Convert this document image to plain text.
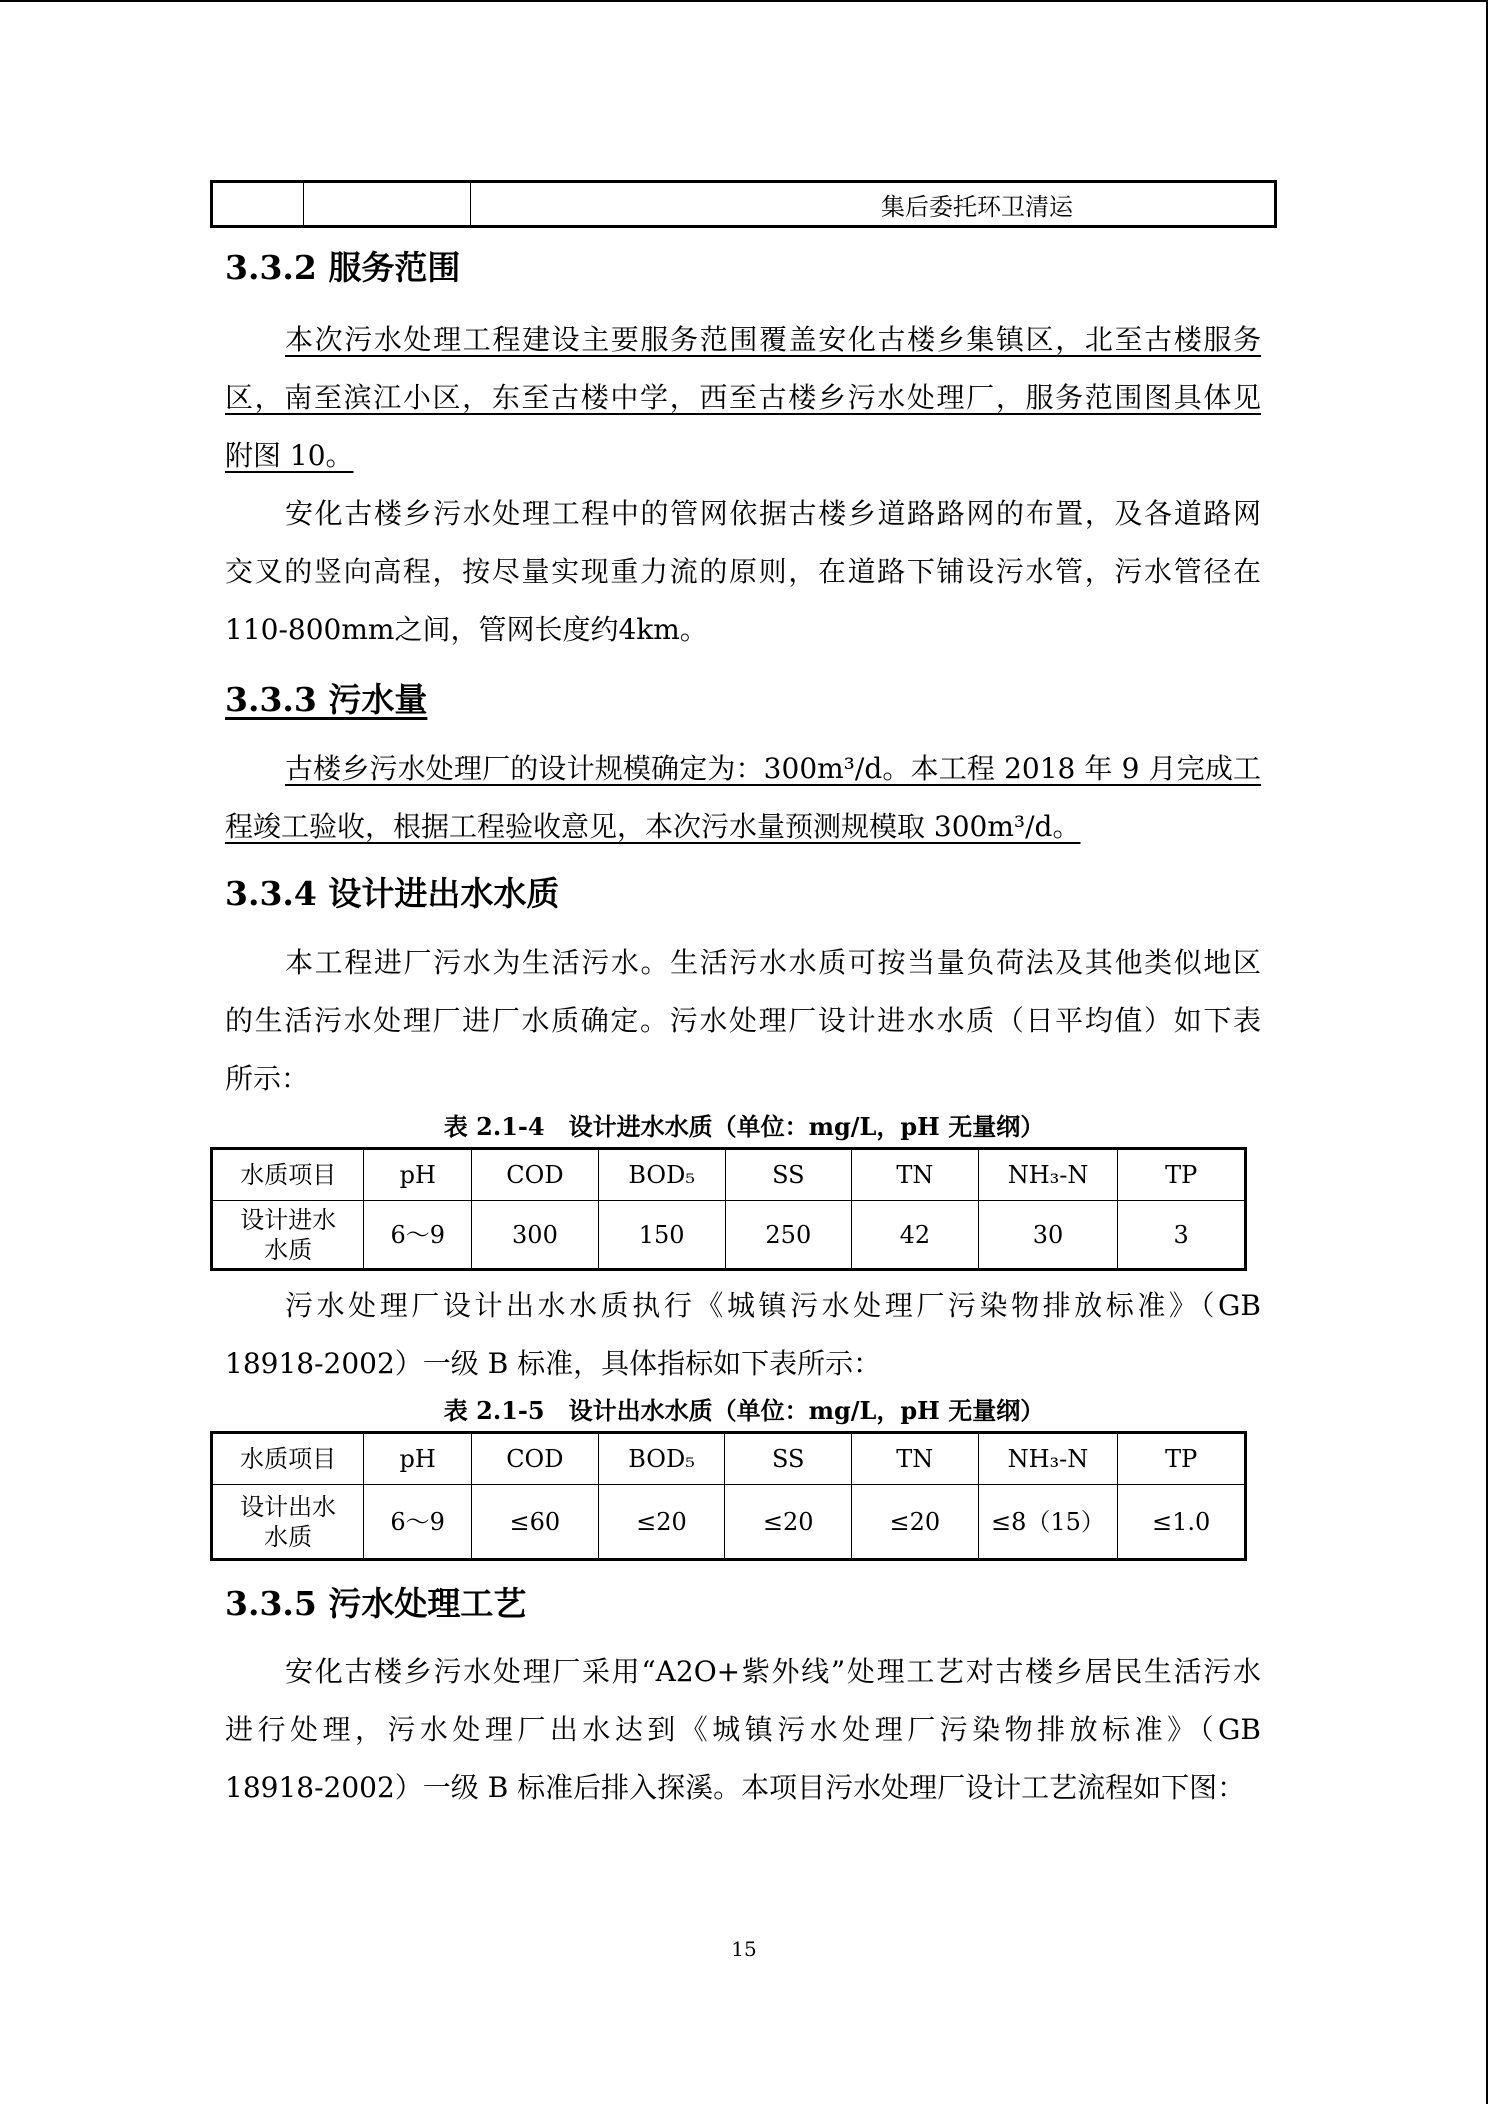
集后委托环卫清运
3.3.2 服务范围
本次污水处理工程建设主要服务范围覆盖安化古楼乡集镇区，北至古楼服务
区，南至滨江小区，东至古楼中学，西至古楼乡污水处理厂，服务范围图具体见
附图 10。
安化古楼乡污水处理工程中的管网依据古楼乡道路路网的布置，及各道路网
交叉的竖向高程，按尽量实现重力流的原则，在道路下铺设污水管，污水管径在
110-800mm之间，管网长度约4km。
3.3.3 污水量
古楼乡污水处理厂的设计规模确定为：300m³/d。本工程 2018 年 9 月完成工
程竣工验收，根据工程验收意见，本次污水量预测规模取 300m³/d。
3.3.4 设计进出水水质
本工程进厂污水为生活污水。生活污水水质可按当量负荷法及其他类似地区
的生活污水处理厂进厂水质确定。污水处理厂设计进水水质（日平均值）如下表
所示：
表 2.1-4　设计进水水质（单位：mg/L，pH 无量纲）
水质项目	pH	COD	BOD₅	SS	TN	NH₃-N	TP

设计进水
水质	6～9	300	150	250	42	30	3
污水处理厂设计出水水质执行《城镇污水处理厂污染物排放标准》（GB
18918-2002）一级 B 标准，具体指标如下表所示：
表 2.1-5　设计出水水质（单位：mg/L，pH 无量纲）
水质项目	pH	COD	BOD₅	SS	TN	NH₃-N	TP

设计出水
水质	6～9	≤60	≤20	≤20	≤20	≤8（15）	≤1.0
3.3.5 污水处理工艺
安化古楼乡污水处理厂采用“A2O+紫外线”处理工艺对古楼乡居民生活污水
进行处理，污水处理厂出水达到《城镇污水处理厂污染物排放标准》（GB
18918-2002）一级 B 标准后排入探溪。本项目污水处理厂设计工艺流程如下图：
15
